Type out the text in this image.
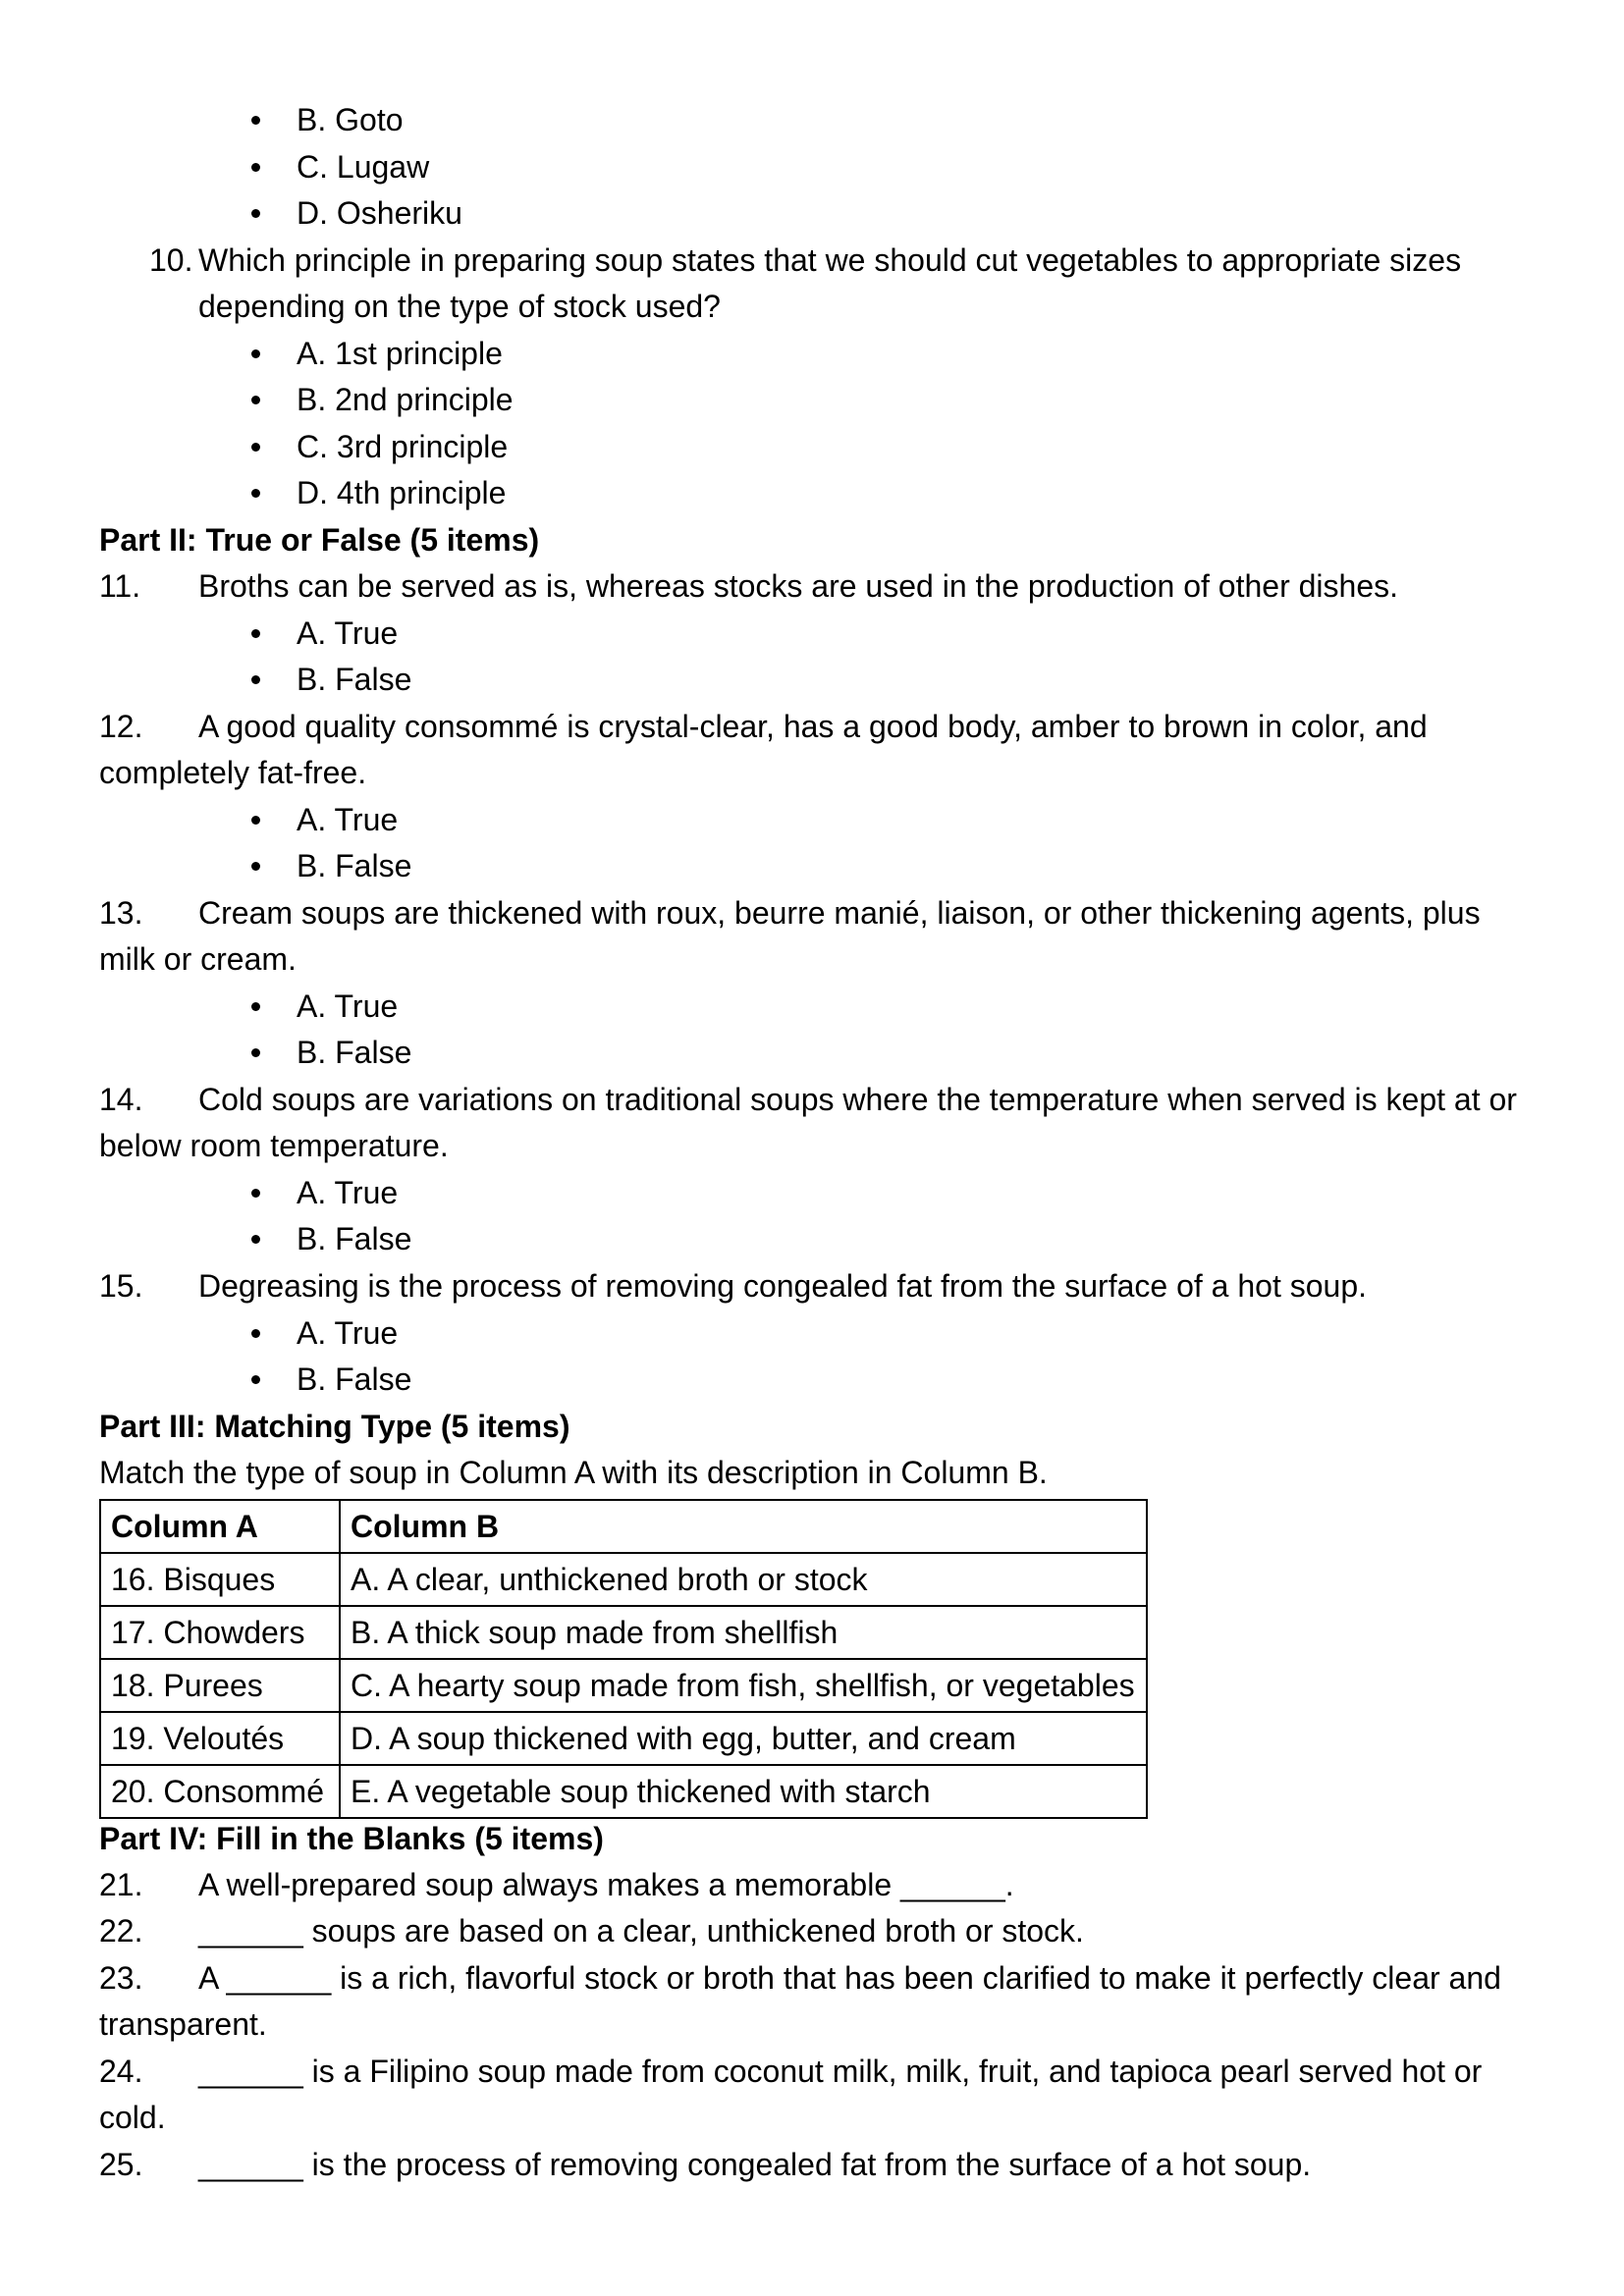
B. Goto
C. Lugaw
D. Osheriku
10. Which principle in preparing soup states that we should cut vegetables to appropriate sizes
depending on the type of stock used?
A. 1st principle
B. 2nd principle
C. 3rd principle
D. 4th principle
Part II: True or False (5 items)
11. Broths can be served as is, whereas stocks are used in the production of other dishes.
A. True
B. False
12. A good quality consommé is crystal-clear, has a good body, amber to brown in color, and
completely fat-free.
A. True
B. False
13. Cream soups are thickened with roux, beurre manié, liaison, or other thickening agents, plus
milk or cream.
A. True
B. False
14. Cold soups are variations on traditional soups where the temperature when served is kept at or
below room temperature.
A. True
B. False
15. Degreasing is the process of removing congealed fat from the surface of a hot soup.
A. True
B. False
Part III: Matching Type (5 items)
Match the type of soup in Column A with its description in Column B.
Column A	Column B
16. Bisques	A. A clear, unthickened broth or stock
17. Chowders	B. A thick soup made from shellfish
18. Purees	C. A hearty soup made from fish, shellfish, or vegetables
19. Veloutés	D. A soup thickened with egg, butter, and cream
20. Consommé	E. A vegetable soup thickened with starch
Part IV: Fill in the Blanks (5 items)
21. A well-prepared soup always makes a memorable ______.
22. ______ soups are based on a clear, unthickened broth or stock.
23. A ______ is a rich, flavorful stock or broth that has been clarified to make it perfectly clear and
transparent.
24. ______ is a Filipino soup made from coconut milk, milk, fruit, and tapioca pearl served hot or
cold.
25. ______ is the process of removing congealed fat from the surface of a hot soup.
